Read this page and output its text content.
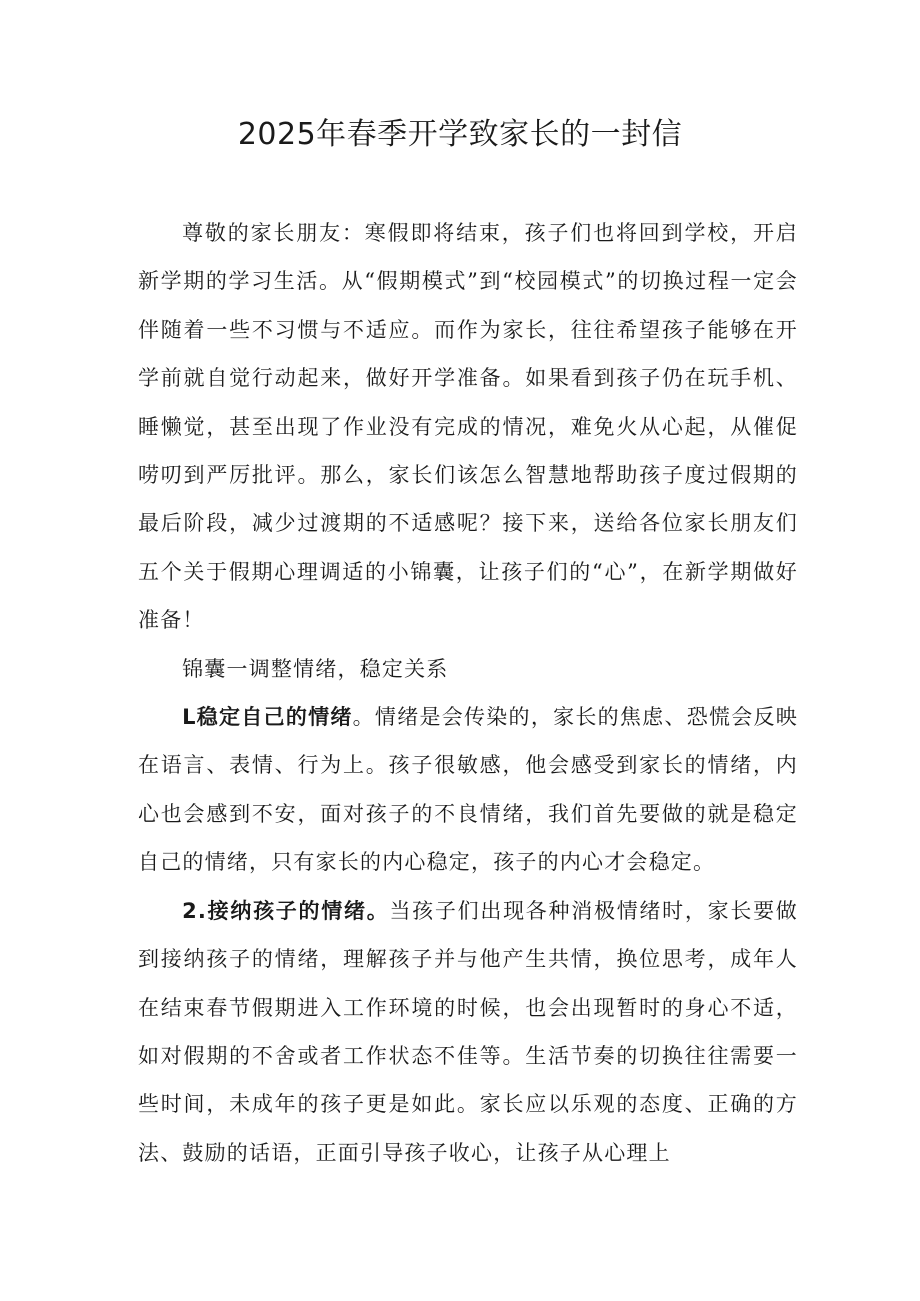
2025年春季开学致家长的一封信

尊敬的家长朋友：寒假即将结束，孩子们也将回到学校，开启新学期的学习生活。从“假期模式”到“校园模式”的切换过程一定会伴随着一些不习惯与不适应。而作为家长，往往希望孩子能够在开学前就自觉行动起来，做好开学准备。如果看到孩子仍在玩手机、睡懒觉，甚至出现了作业没有完成的情况，难免火从心起，从催促唠叨到严厉批评。那么，家长们该怎么智慧地帮助孩子度过假期的最后阶段，减少过渡期的不适感呢？接下来，送给各位家长朋友们五个关于假期心理调适的小锦囊，让孩子们的“心”，在新学期做好准备！

锦囊一调整情绪，稳定关系

L稳定自己的情绪。情绪是会传染的，家长的焦虑、恐慌会反映在语言、表情、行为上。孩子很敏感，他会感受到家长的情绪，内心也会感到不安，面对孩子的不良情绪，我们首先要做的就是稳定自己的情绪，只有家长的内心稳定，孩子的内心才会稳定。

2.接纳孩子的情绪。当孩子们出现各种消极情绪时，家长要做到接纳孩子的情绪，理解孩子并与他产生共情，换位思考，成年人在结束春节假期进入工作环境的时候，也会出现暂时的身心不适，如对假期的不舍或者工作状态不佳等。生活节奏的切换往往需要一些时间，未成年的孩子更是如此。家长应以乐观的态度、正确的方法、鼓励的话语，正面引导孩子收心，让孩子从心理上
